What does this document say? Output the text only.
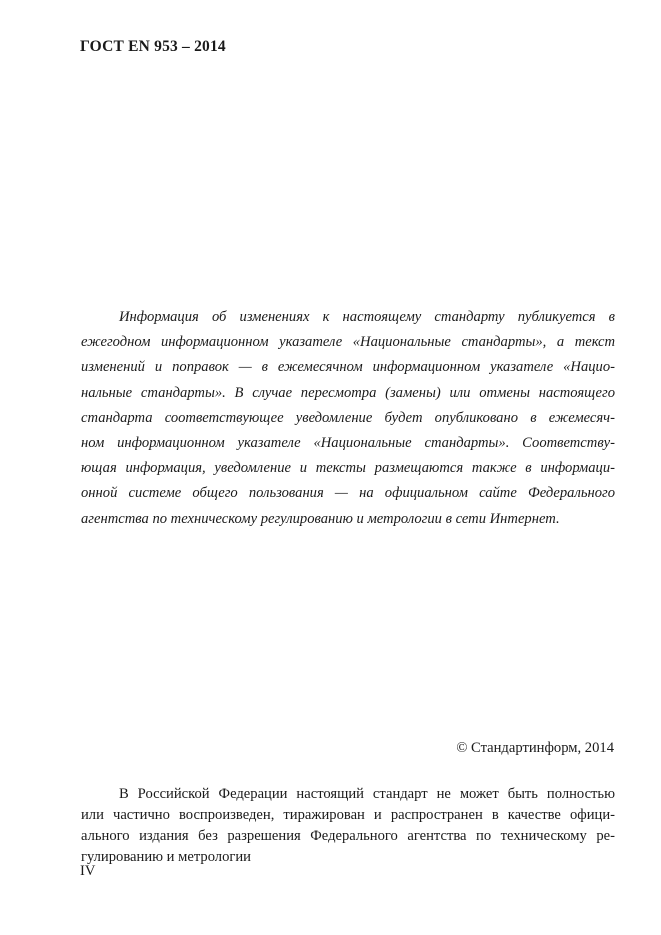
ГОСТ EN 953 – 2014
Информация об изменениях к настоящему стандарту публикуется в
ежегодном информационном указателе «Национальные стандарты», а текст
изменений и поправок — в ежемесячном информационном указателе «Нацио-
нальные стандарты». В случае пересмотра (замены) или отмены настоящего
стандарта соответствующее уведомление будет опубликовано в ежемесяч-
ном информационном указателе «Национальные стандарты». Соответству-
ющая информация, уведомление и тексты размещаются также в информаци-
онной системе общего пользования — на официальном сайте Федерального
агентства по техническому регулированию и метрологии в сети Интернет.
© Стандартинформ, 2014
В Российской Федерации настоящий стандарт не может быть полностью
или частично воспроизведен, тиражирован и распространен в качестве офици-
ального издания без разрешения Федерального агентства по техническому ре-
гулированию и метрологии
IV
